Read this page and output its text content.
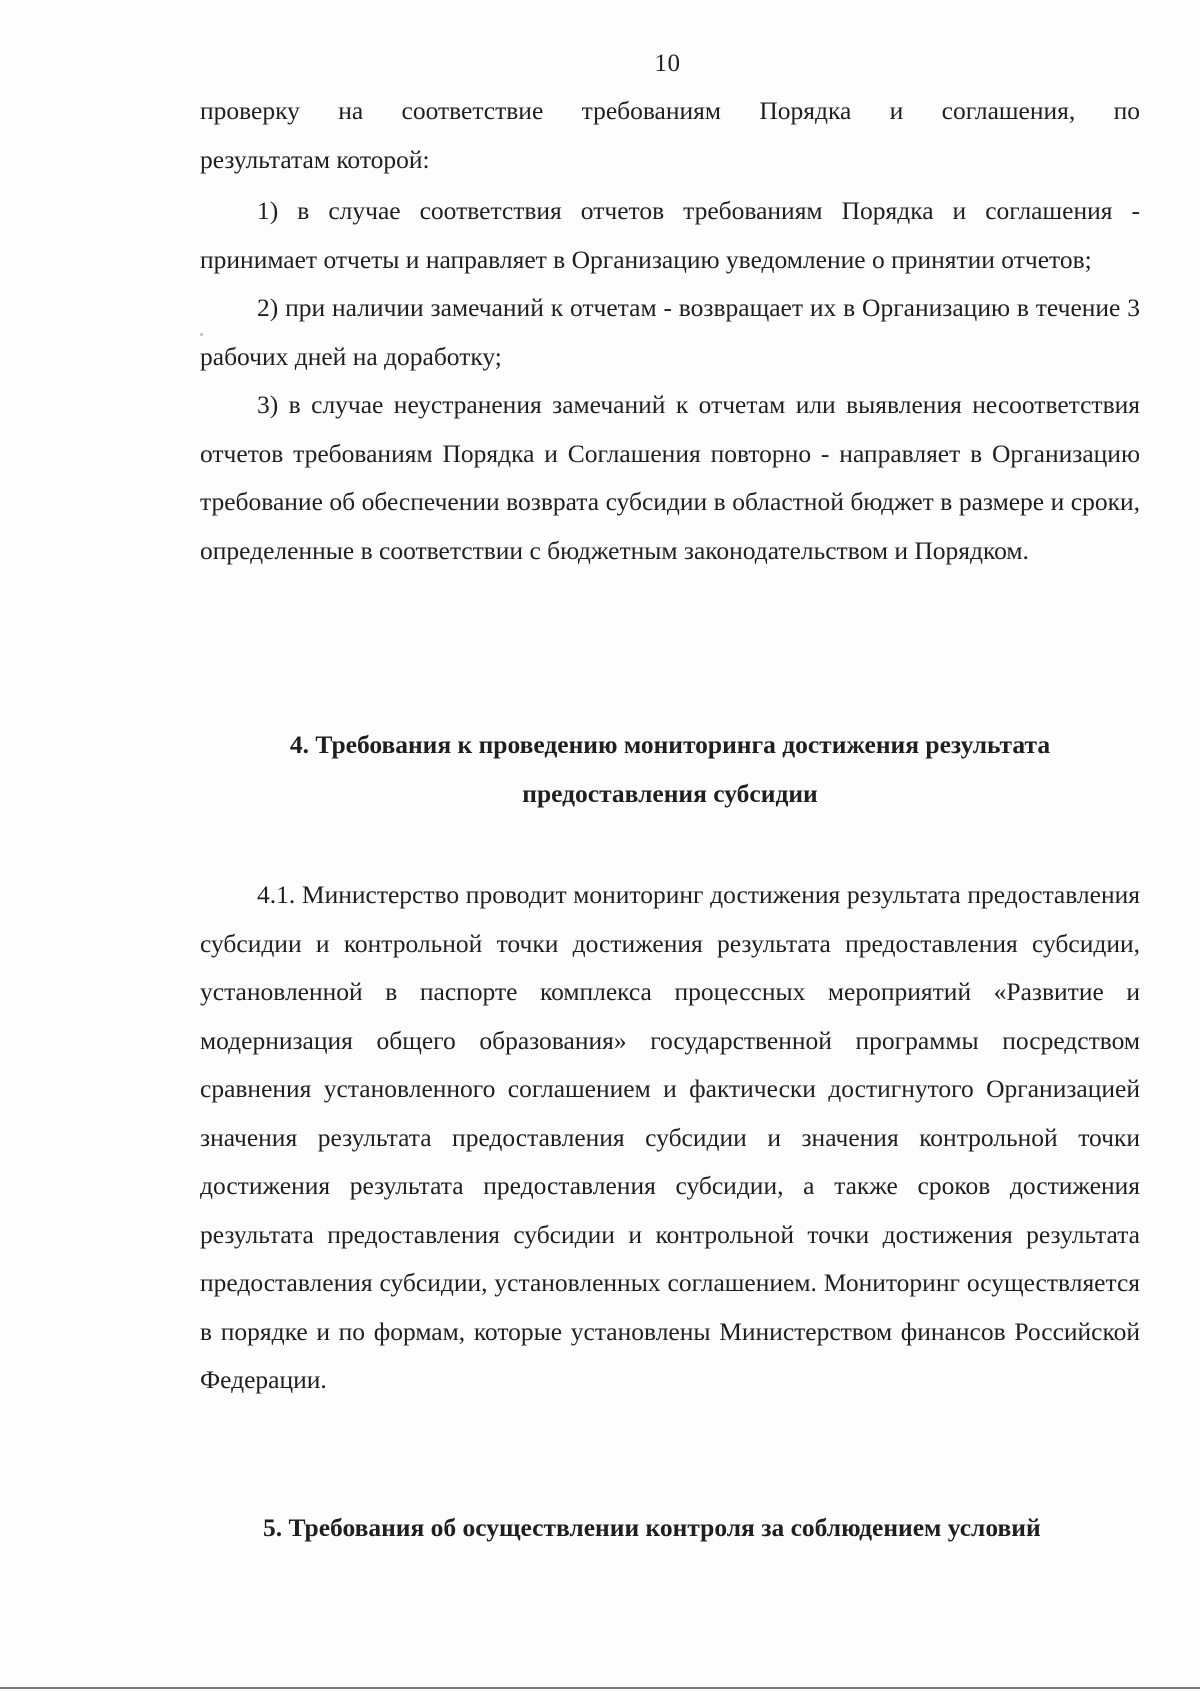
10

проверку на соответствие требованиям Порядка и соглашения, по

результатам которой:

1) в случае соответствия отчетов требованиям Порядка и соглашения - принимает отчеты и направляет в Организацию уведомление о принятии отчетов;

2) при наличии замечаний к отчетам - возвращает их в Организацию в течение 3 рабочих дней на доработку;

3) в случае неустранения замечаний к отчетам или выявления несоответствия отчетов требованиям Порядка и Соглашения повторно - направляет в Организацию требование об обеспечении возврата субсидии в областной бюджет в размере и сроки, определенные в соответствии с бюджетным законодательством и Порядком.

4. Требования к проведению мониторинга достижения результата
предоставления субсидии

4.1. Министерство проводит мониторинг достижения результата предоставления субсидии и контрольной точки достижения результата предоставления субсидии, установленной в паспорте комплекса процессных мероприятий «Развитие и модернизация общего образования» государственной программы посредством сравнения установленного соглашением и фактически достигнутого Организацией значения результата предоставления субсидии и значения контрольной точки достижения результата предоставления субсидии, а также сроков достижения результата предоставления субсидии и контрольной точки достижения результата предоставления субсидии, установленных соглашением. Мониторинг осуществляется в порядке и по формам, которые установлены Министерством финансов Российской Федерации.

5. Требования об осуществлении контроля за соблюдением условий
